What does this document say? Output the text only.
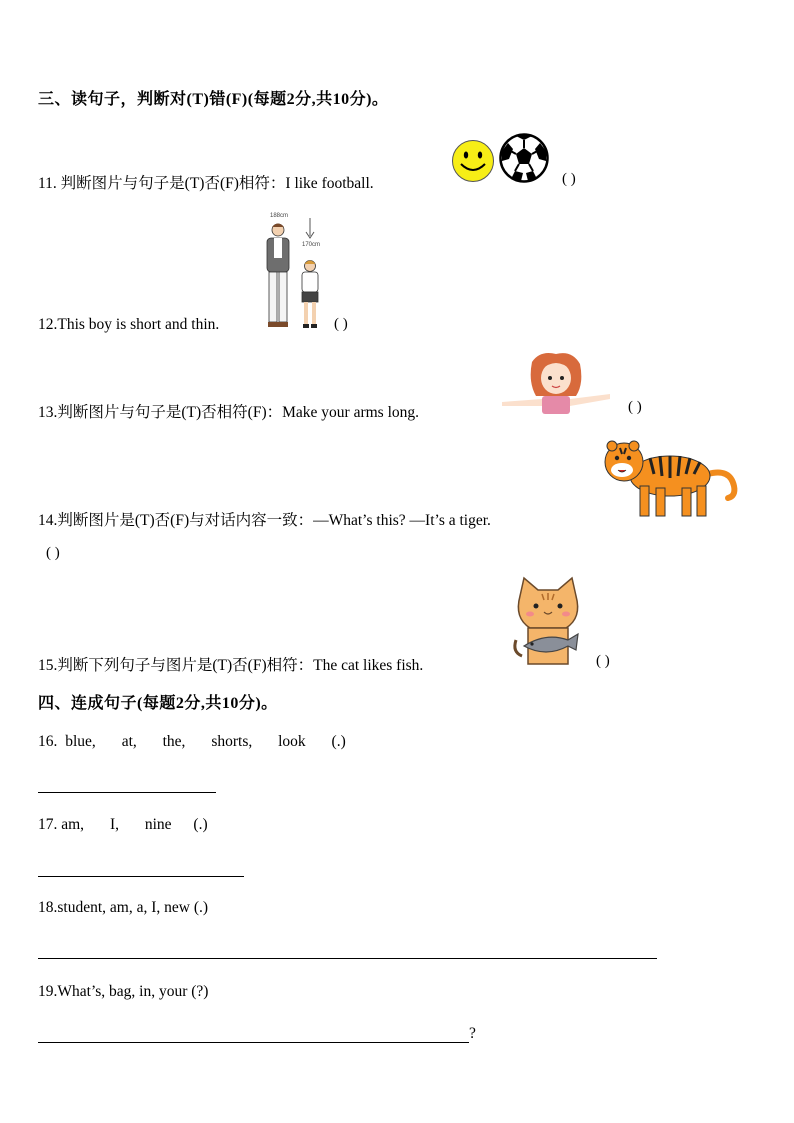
三、读句子，判断对(T)错(F)(每题2分,共10分)。
11. 判断图片与句子是(T)否(F)相符：I like football.	( )
188cm
170cm
12.This boy is short and thin.	( )
13.判断图片与句子是(T)否相符(F)：Make your arms long.	( )
14.判断图片是(T)否(F)与对话内容一致：—What’s this? —It’s a tiger.
( )
15.判断下列句子与图片是(T)否(F)相符：The cat likes fish.	( )
四、连成句子(每题2分,共10分)。
16. blue, at, the, shorts, look (.)
17. am, I, nine (.)
18.student, am, a, I, new (.)
19.What’s, bag, in, your (?)
?
